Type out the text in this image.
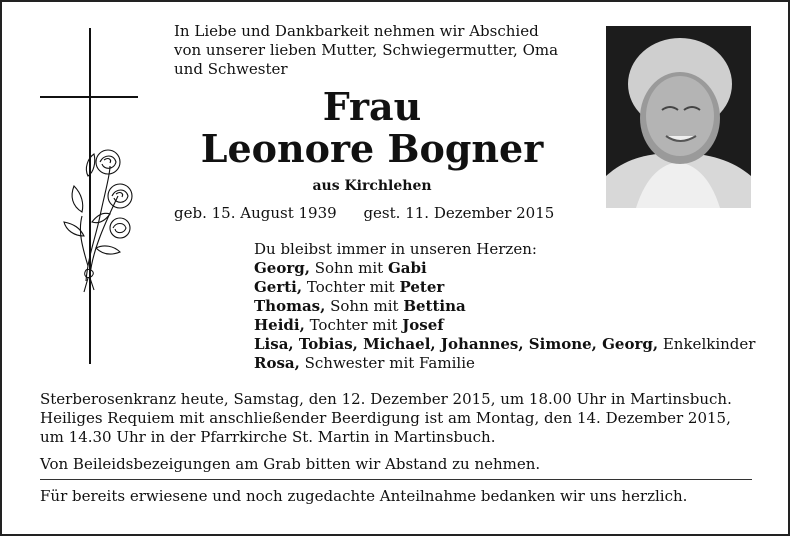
In Liebe und Dankbarkeit nehmen wir Abschied
von unserer lieben Mutter, Schwiegermutter, Oma
und Schwester
Frau
Leonore Bogner
aus Kirchlehen
geb. 15. August 1939 gest. 11. Dezember 2015
Du bleibst immer in unseren Herzen:
Georg, Sohn mit Gabi
Gerti, Tochter mit Peter
Thomas, Sohn mit Bettina
Heidi, Tochter mit Josef
Lisa, Tobias, Michael, Johannes, Simone, Georg, Enkelkinder
Rosa, Schwester mit Familie

Sterberosenkranz heute, Samstag, den 12. Dezember 2015, um 18.00 Uhr in Martinsbuch.

Heiliges Requiem mit anschließender Beerdigung ist am Montag, den 14. Dezember 2015,

um 14.30 Uhr in der Pfarrkirche St. Martin in Martinsbuch.

Von Beileidsbezeigungen am Grab bitten wir Abstand zu nehmen.

Für bereits erwiesene und noch zugedachte Anteilnahme bedanken wir uns herzlich.
